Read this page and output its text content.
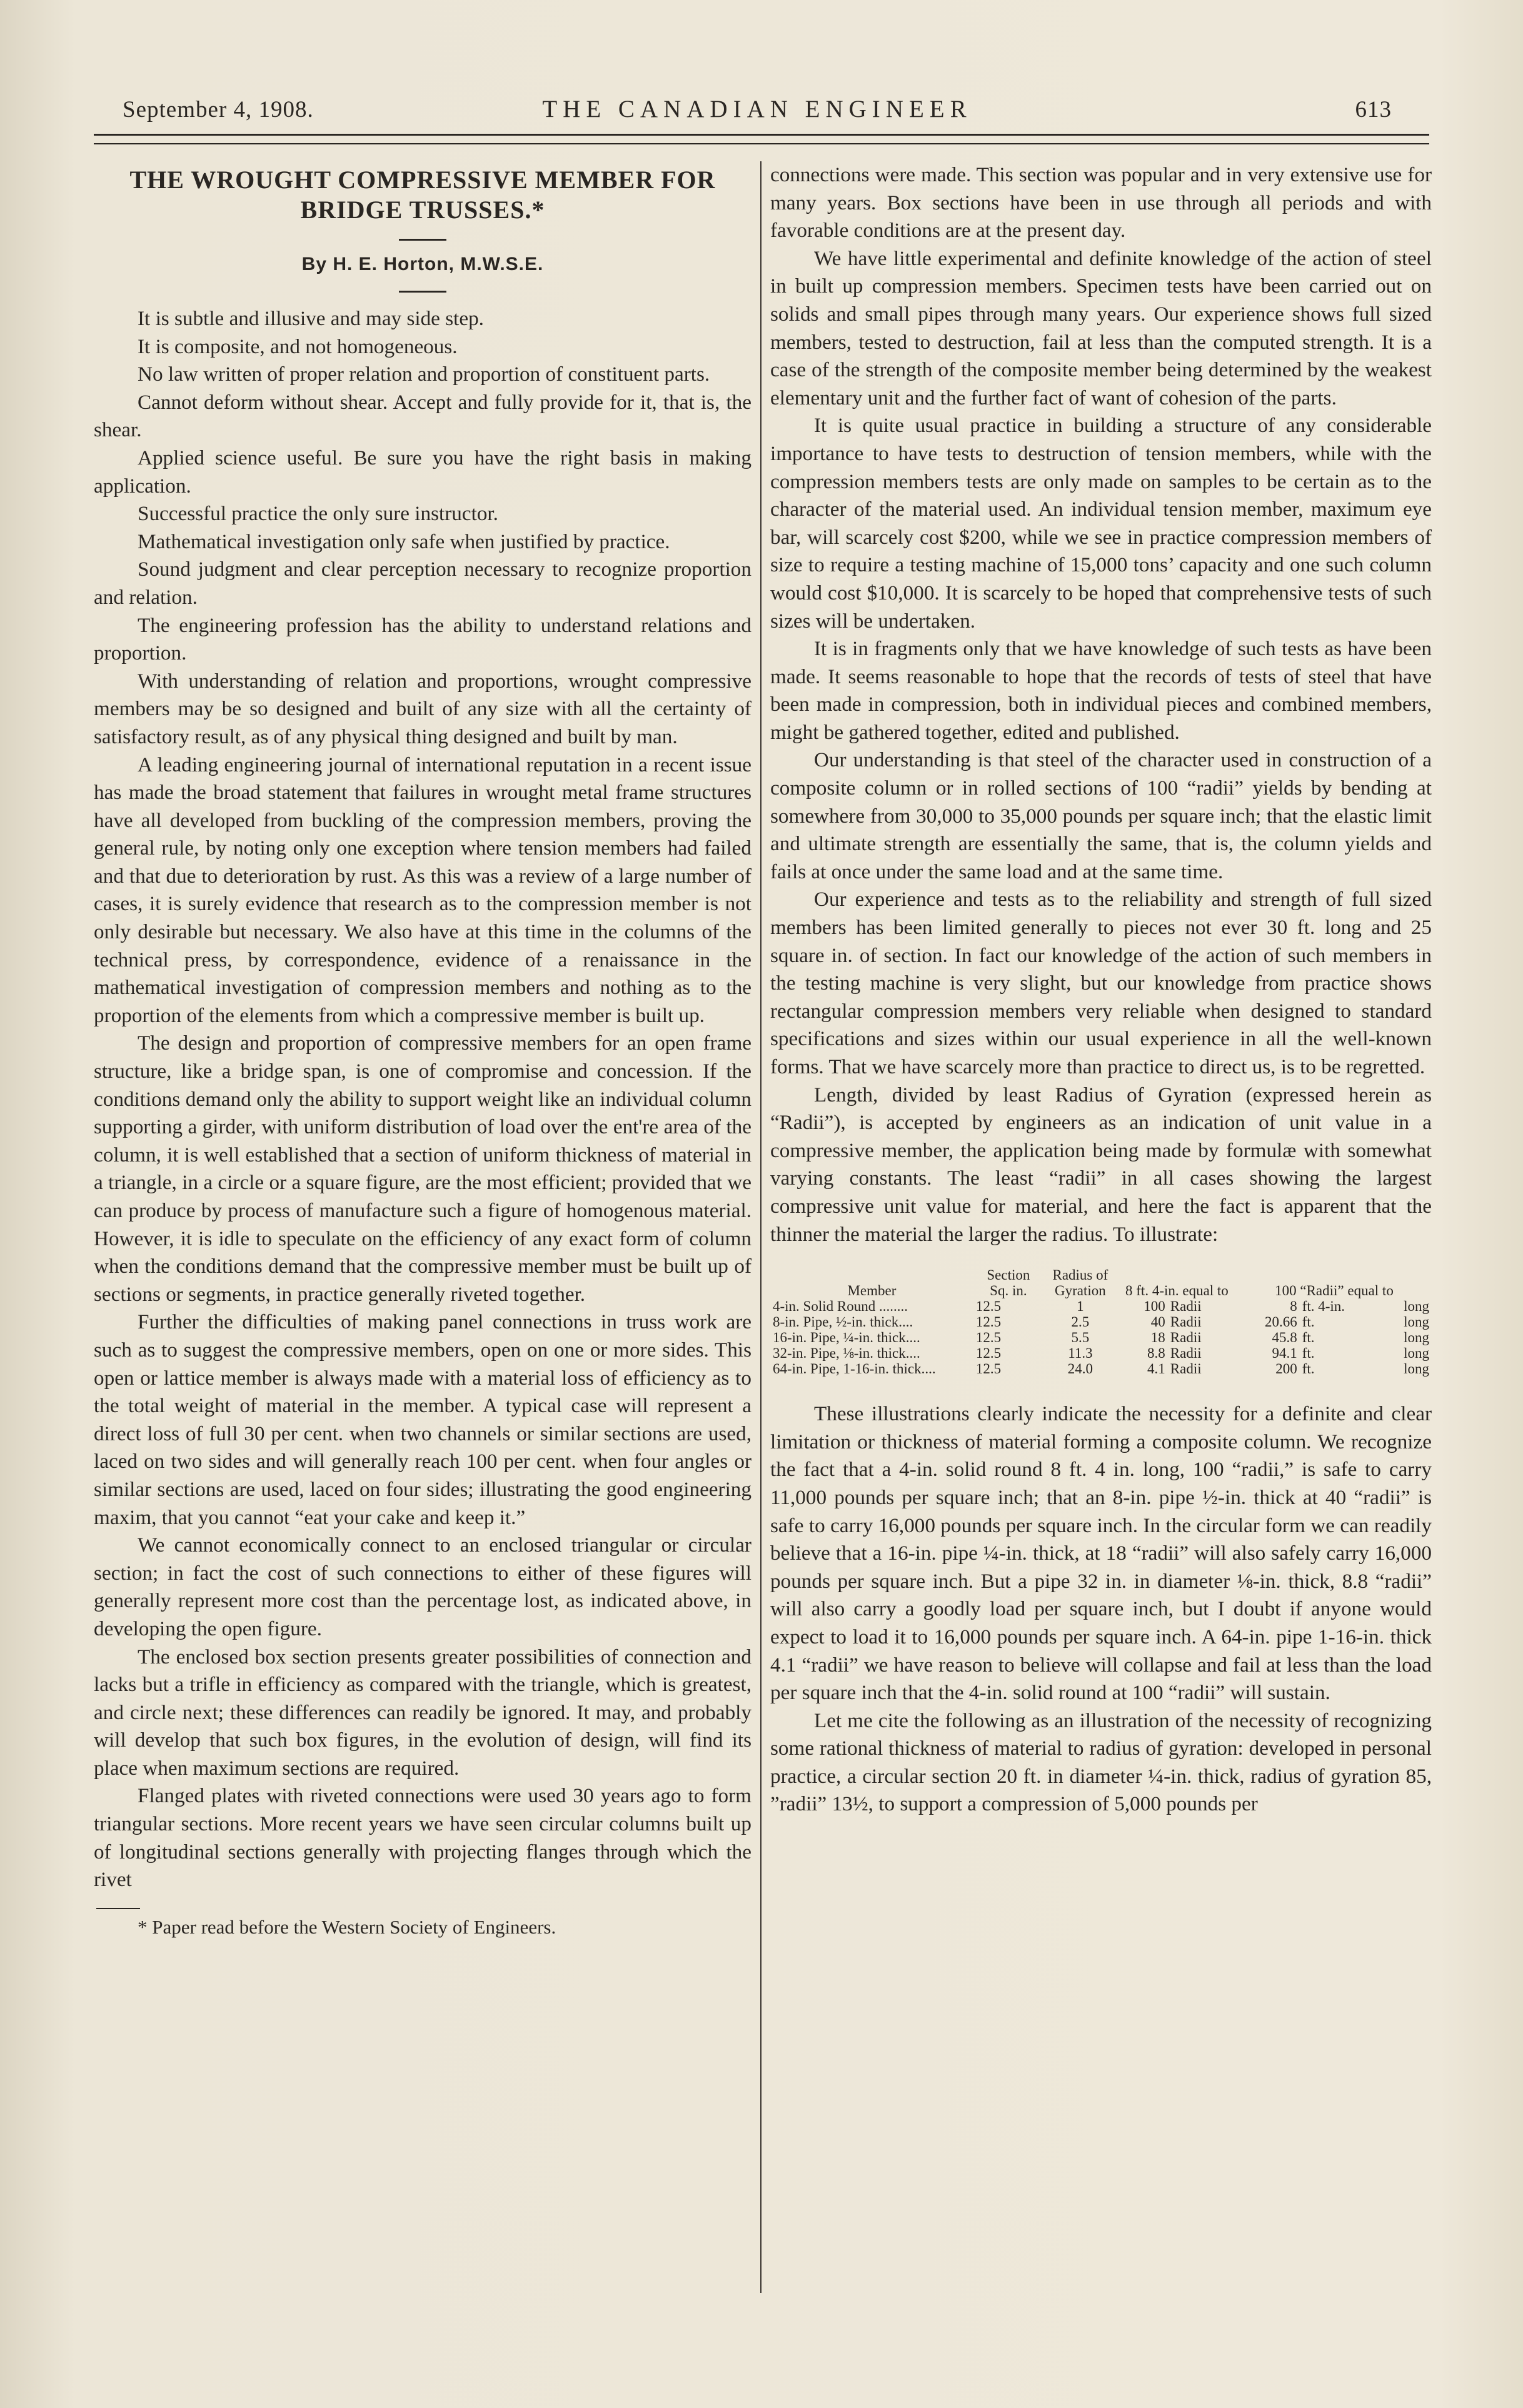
September 4, 1908.	THE CANADIAN ENGINEER	613
THE WROUGHT COMPRESSIVE MEMBER FOR
BRIDGE TRUSSES.*
By H. E. Horton, M.W.S.E.

It is subtle and illusive and may side step.

It is composite, and not homogeneous.

No law written of proper relation and proportion of constituent parts.

Cannot deform without shear. Accept and fully provide for it, that is, the shear.

Applied science useful. Be sure you have the right basis in making application.

Successful practice the only sure instructor.

Mathematical investigation only safe when justified by practice.

Sound judgment and clear perception necessary to recognize proportion and relation.

The engineering profession has the ability to understand relations and proportion.

With understanding of relation and proportions, wrought compressive members may be so designed and built of any size with all the certainty of satisfactory result, as of any physical thing designed and built by man.

A leading engineering journal of international reputation in a recent issue has made the broad statement that failures in wrought metal frame structures have all developed from buckling of the compression members, proving the general rule, by noting only one exception where tension members had failed and that due to deterioration by rust. As this was a review of a large number of cases, it is surely evidence that research as to the compression member is not only desirable but necessary. We also have at this time in the columns of the technical press, by correspondence, evidence of a renaissance in the mathematical investigation of compression members and nothing as to the proportion of the elements from which a compressive member is built up.

The design and proportion of compressive members for an open frame structure, like a bridge span, is one of compromise and concession. If the conditions demand only the ability to support weight like an individual column supporting a girder, with uniform distribution of load over the ent're area of the column, it is well established that a section of uniform thickness of material in a triangle, in a circle or a square figure, are the most efficient; provided that we can produce by process of manufacture such a figure of homogenous material. However, it is idle to speculate on the efficiency of any exact form of column when the conditions demand that the compressive member must be built up of sections or segments, in practice generally riveted together.

Further the difficulties of making panel connections in truss work are such as to suggest the compressive members, open on one or more sides. This open or lattice member is always made with a material loss of efficiency as to the total weight of material in the member. A typical case will represent a direct loss of full 30 per cent. when two channels or similar sections are used, laced on two sides and will generally reach 100 per cent. when four angles or similar sections are used, laced on four sides; illustrating the good engineering maxim, that you cannot “eat your cake and keep it.”

We cannot economically connect to an enclosed triangular or circular section; in fact the cost of such connections to either of these figures will generally represent more cost than the percentage lost, as indicated above, in developing the open figure.

The enclosed box section presents greater possibilities of connection and lacks but a trifle in efficiency as compared with the triangle, which is greatest, and circle next; these differences can readily be ignored. It may, and probably will develop that such box figures, in the evolution of design, will find its place when maximum sections are required.

Flanged plates with riveted connections were used 30 years ago to form triangular sections. More recent years we have seen circular columns built up of longitudinal sections generally with projecting flanges through which the rivet

* Paper read before the Western Society of Engineers.

connections were made. This section was popular and in very extensive use for many years. Box sections have been in use through all periods and with favorable conditions are at the present day.

We have little experimental and definite knowledge of the action of steel in built up compression members. Specimen tests have been carried out on solids and small pipes through many years. Our experience shows full sized members, tested to destruction, fail at less than the computed strength. It is a case of the strength of the composite member being determined by the weakest elementary unit and the further fact of want of cohesion of the parts.

It is quite usual practice in building a structure of any considerable importance to have tests to destruction of tension members, while with the compression members tests are only made on samples to be certain as to the character of the material used. An individual tension member, maximum eye bar, will scarcely cost $200, while we see in practice compression members of size to require a testing machine of 15,000 tons’ capacity and one such column would cost $10,000. It is scarcely to be hoped that comprehensive tests of such sizes will be undertaken.

It is in fragments only that we have knowledge of such tests as have been made. It seems reasonable to hope that the records of tests of steel that have been made in compression, both in individual pieces and combined members, might be gathered together, edited and published.

Our understanding is that steel of the character used in construction of a composite column or in rolled sections of 100 “radii” yields by bending at somewhere from 30,000 to 35,000 pounds per square inch; that the elastic limit and ultimate strength are essentially the same, that is, the column yields and fails at once under the same load and at the same time.

Our experience and tests as to the reliability and strength of full sized members has been limited generally to pieces not ever 30 ft. long and 25 square in. of section. In fact our knowledge of the action of such members in the testing machine is very slight, but our knowledge from practice shows rectangular compression members very reliable when designed to standard specifications and sizes within our usual experience in all the well-known forms. That we have scarcely more than practice to direct us, is to be regretted.

Length, divided by least Radius of Gyration (expressed herein as “Radii”), is accepted by engineers as an indication of unit value in a compressive member, the application being made by formulæ with somewhat varying constants. The least “radii” in all cases showing the largest compressive unit value for material, and here the fact is apparent that the thinner the material the larger the radius. To illustrate:

Member	Section Sq. in.	Radius of Gyration	8 ft. 4-in. equal to		100 “Radii” equal to		
4-in. Solid Round ........	12.5	1	100	Radii	8	ft. 4-in.	long
8-in. Pipe, ½-in. thick....	12.5	2.5	40	Radii	20.66	ft.	long
16-in. Pipe, ¼-in. thick....	12.5	5.5	18	Radii	45.8	ft.	long
32-in. Pipe, ⅛-in. thick....	12.5	11.3	8.8	Radii	94.1	ft.	long
64-in. Pipe, 1-16-in. thick....	12.5	24.0	4.1	Radii	200	ft.	long

These illustrations clearly indicate the necessity for a definite and clear limitation or thickness of material forming a composite column. We recognize the fact that a 4-in. solid round 8 ft. 4 in. long, 100 “radii,” is safe to carry 11,000 pounds per square inch; that an 8-in. pipe ½-in. thick at 40 “radii” is safe to carry 16,000 pounds per square inch. In the circular form we can readily believe that a 16-in. pipe ¼-in. thick, at 18 “radii” will also safely carry 16,000 pounds per square inch. But a pipe 32 in. in diameter ⅛-in. thick, 8.8 “radii” will also carry a goodly load per square inch, but I doubt if anyone would expect to load it to 16,000 pounds per square inch. A 64-in. pipe 1-16-in. thick 4.1 “radii” we have reason to believe will collapse and fail at less than the load per square inch that the 4-in. solid round at 100 “radii” will sustain.

Let me cite the following as an illustration of the necessity of recognizing some rational thickness of material to radius of gyration: developed in personal practice, a circular section 20 ft. in diameter ¼-in. thick, radius of gyration 85, ”radii” 13½, to support a compression of 5,000 pounds per
